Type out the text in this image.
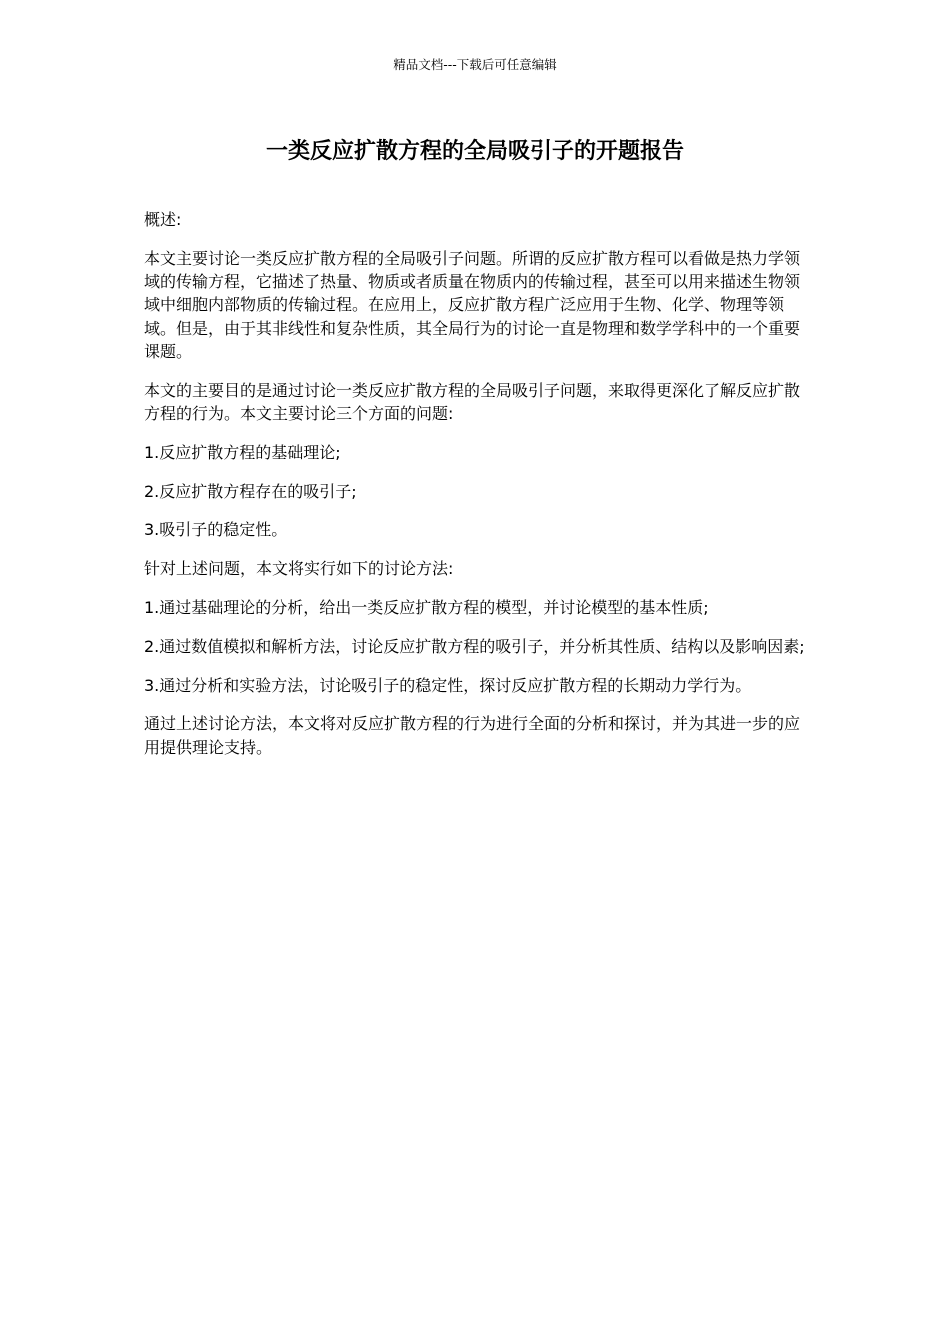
精品文档---下载后可任意编辑
一类反应扩散方程的全局吸引子的开题报告

概述:

本文主要讨论一类反应扩散方程的全局吸引子问题。所谓的反应扩散方程可以看做是热力学领域的传输方程，它描述了热量、物质或者质量在物质内的传输过程，甚至可以用来描述生物领域中细胞内部物质的传输过程。在应用上，反应扩散方程广泛应用于生物、化学、物理等领域。但是，由于其非线性和复杂性质，其全局行为的讨论一直是物理和数学学科中的一个重要课题。

本文的主要目的是通过讨论一类反应扩散方程的全局吸引子问题，来取得更深化了解反应扩散方程的行为。本文主要讨论三个方面的问题:

1.反应扩散方程的基础理论;

2.反应扩散方程存在的吸引子;

3.吸引子的稳定性。

针对上述问题，本文将实行如下的讨论方法:

1.通过基础理论的分析，给出一类反应扩散方程的模型，并讨论模型的基本性质;

2.通过数值模拟和解析方法，讨论反应扩散方程的吸引子，并分析其性质、结构以及影响因素;

3.通过分析和实验方法，讨论吸引子的稳定性，探讨反应扩散方程的长期动力学行为。

通过上述讨论方法，本文将对反应扩散方程的行为进行全面的分析和探讨，并为其进一步的应用提供理论支持。
